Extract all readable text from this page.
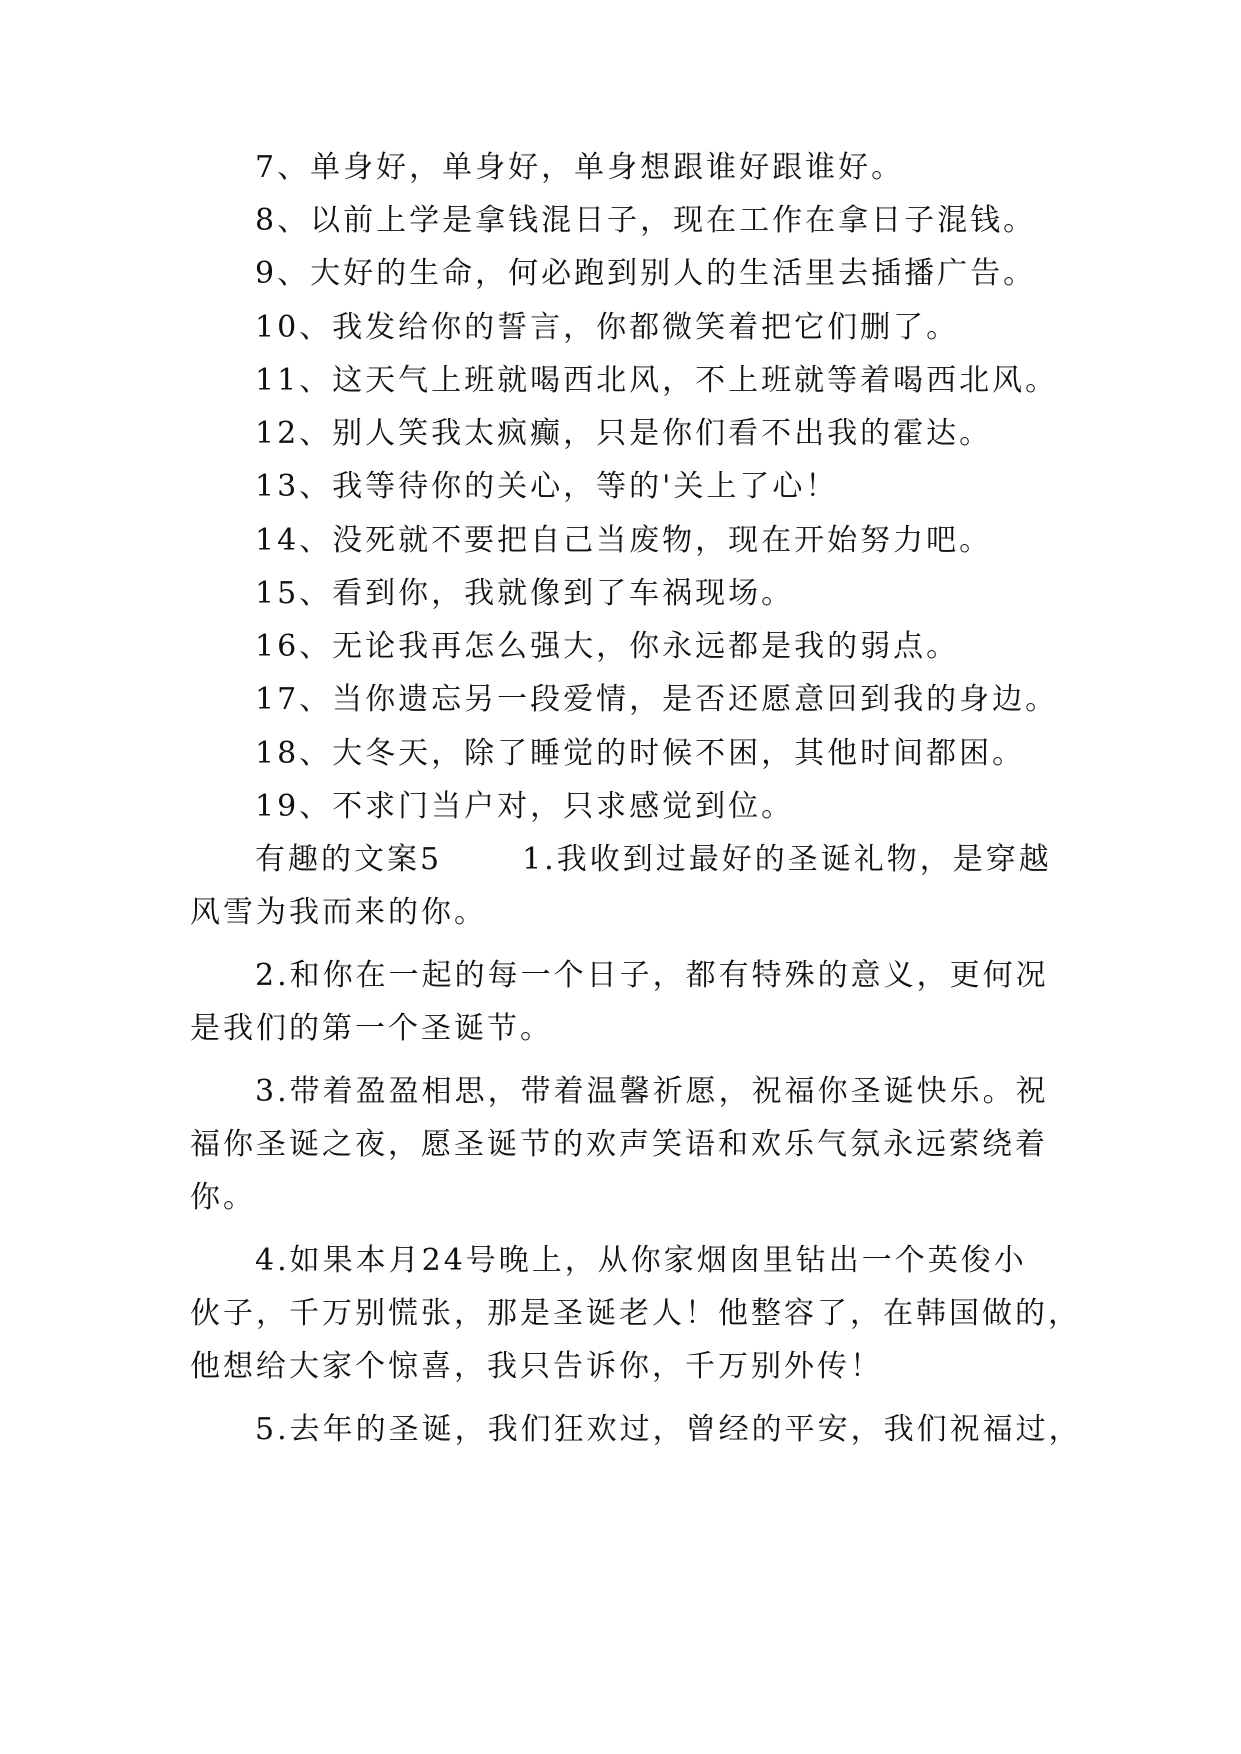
7、单身好，单身好，单身想跟谁好跟谁好。
8、以前上学是拿钱混日子，现在工作在拿日子混钱。
9、大好的生命，何必跑到别人的生活里去插播广告。
10、我发给你的誓言，你都微笑着把它们删了。
11、这天气上班就喝西北风，不上班就等着喝西北风。
12、别人笑我太疯癫，只是你们看不出我的霍达。
13、我等待你的关心，等的'关上了心！
14、没死就不要把自己当废物，现在开始努力吧。
15、看到你，我就像到了车祸现场。
16、无论我再怎么强大，你永远都是我的弱点。
17、当你遗忘另一段爱情，是否还愿意回到我的身边。
18、大冬天，除了睡觉的时候不困，其他时间都困。
19、不求门当户对，只求感觉到位。
有趣的文案5	1.我收到过最好的圣诞礼物，是穿越
风雪为我而来的你。
2.和你在一起的每一个日子，都有特殊的意义，更何况
是我们的第一个圣诞节。
3.带着盈盈相思，带着温馨祈愿，祝福你圣诞快乐。祝
福你圣诞之夜，愿圣诞节的欢声笑语和欢乐气氛永远萦绕着
你。
4.如果本月24号晚上，从你家烟囱里钻出一个英俊小
伙子，千万别慌张，那是圣诞老人！他整容了，在韩国做的，
他想给大家个惊喜，我只告诉你，千万别外传！
5.去年的圣诞，我们狂欢过，曾经的平安，我们祝福过，
